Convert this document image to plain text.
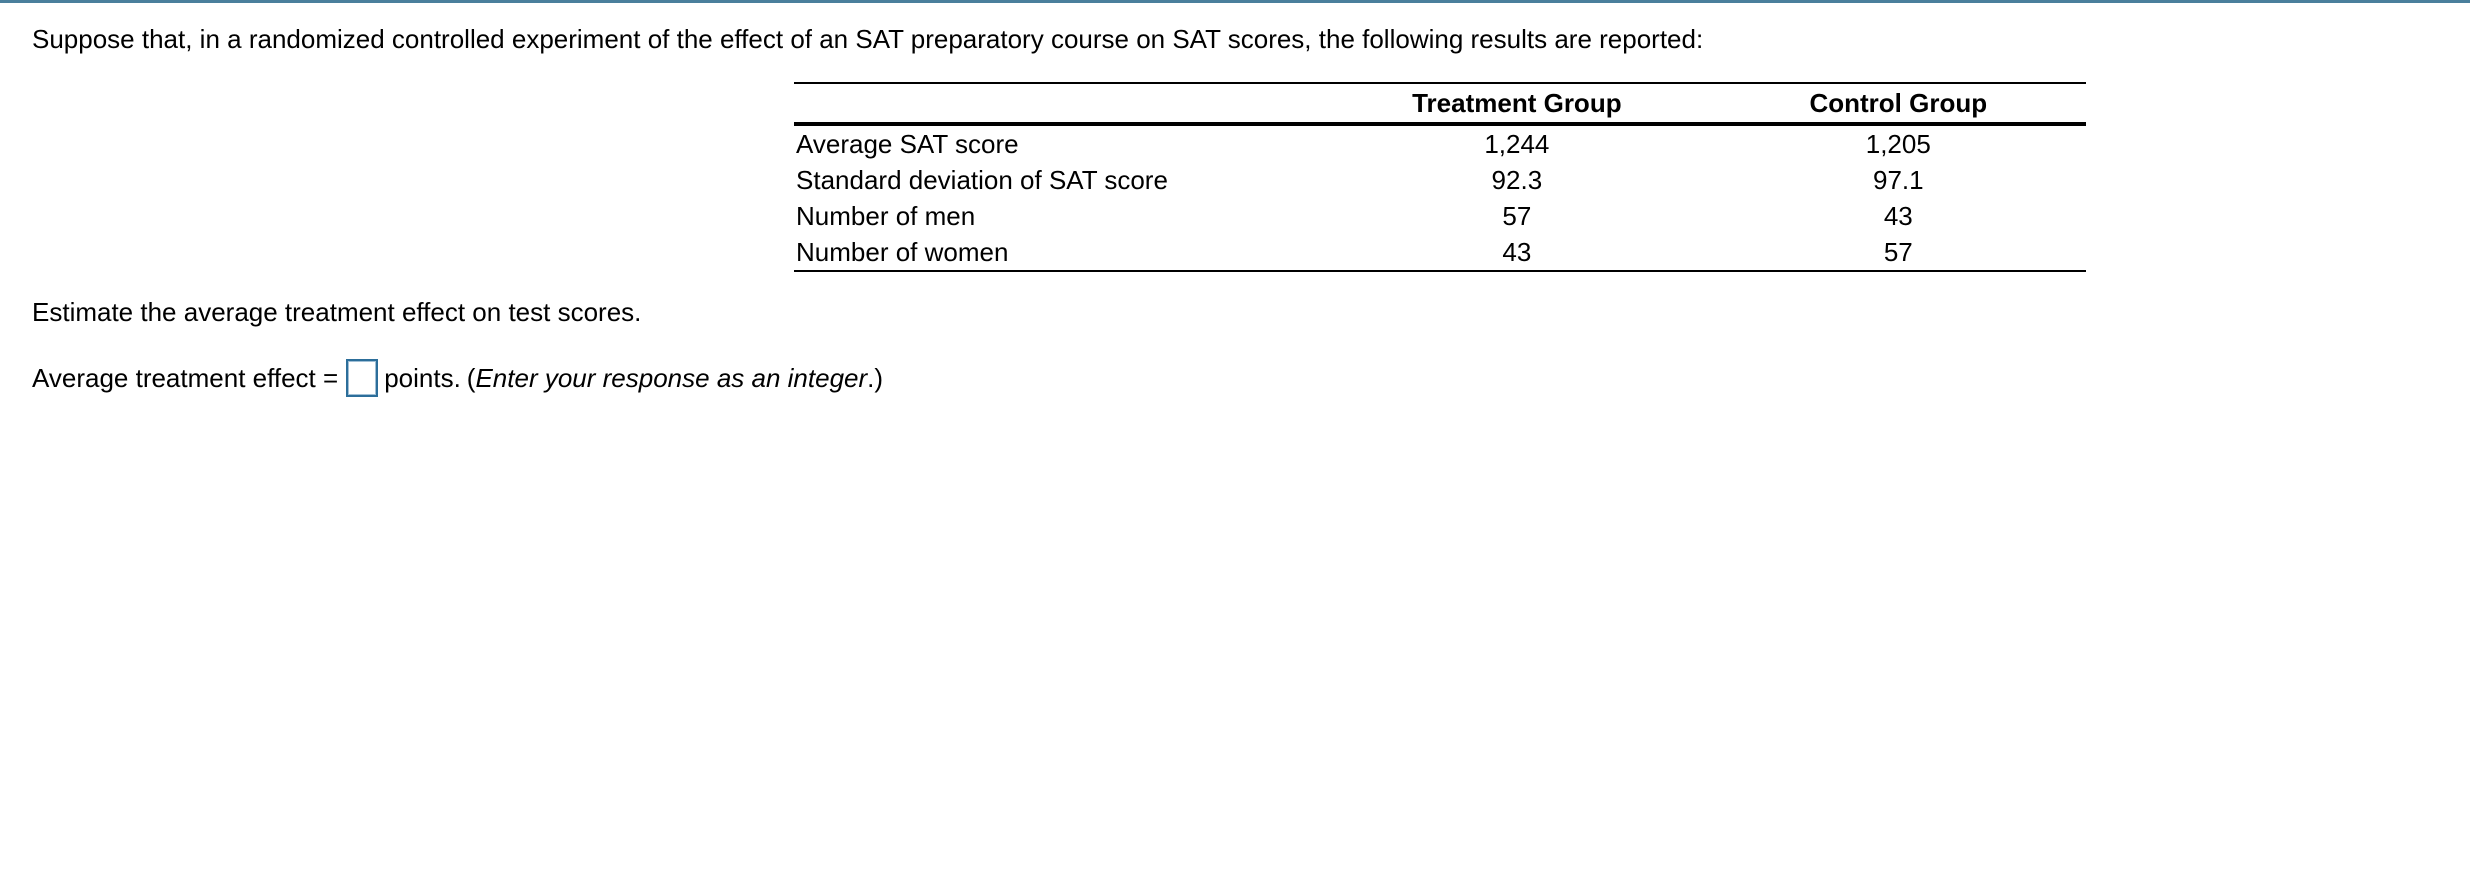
Suppose that, in a randomized controlled experiment of the effect of an SAT preparatory course on SAT scores, the following results are reported:
	Treatment Group	Control Group
Average SAT score	1,244	1,205
Standard deviation of SAT score	92.3	97.1
Number of men	57	43
Number of women	43	57
Estimate the average treatment effect on test scores.
Average treatment effect = points. ( Enter your response as an integer .)
